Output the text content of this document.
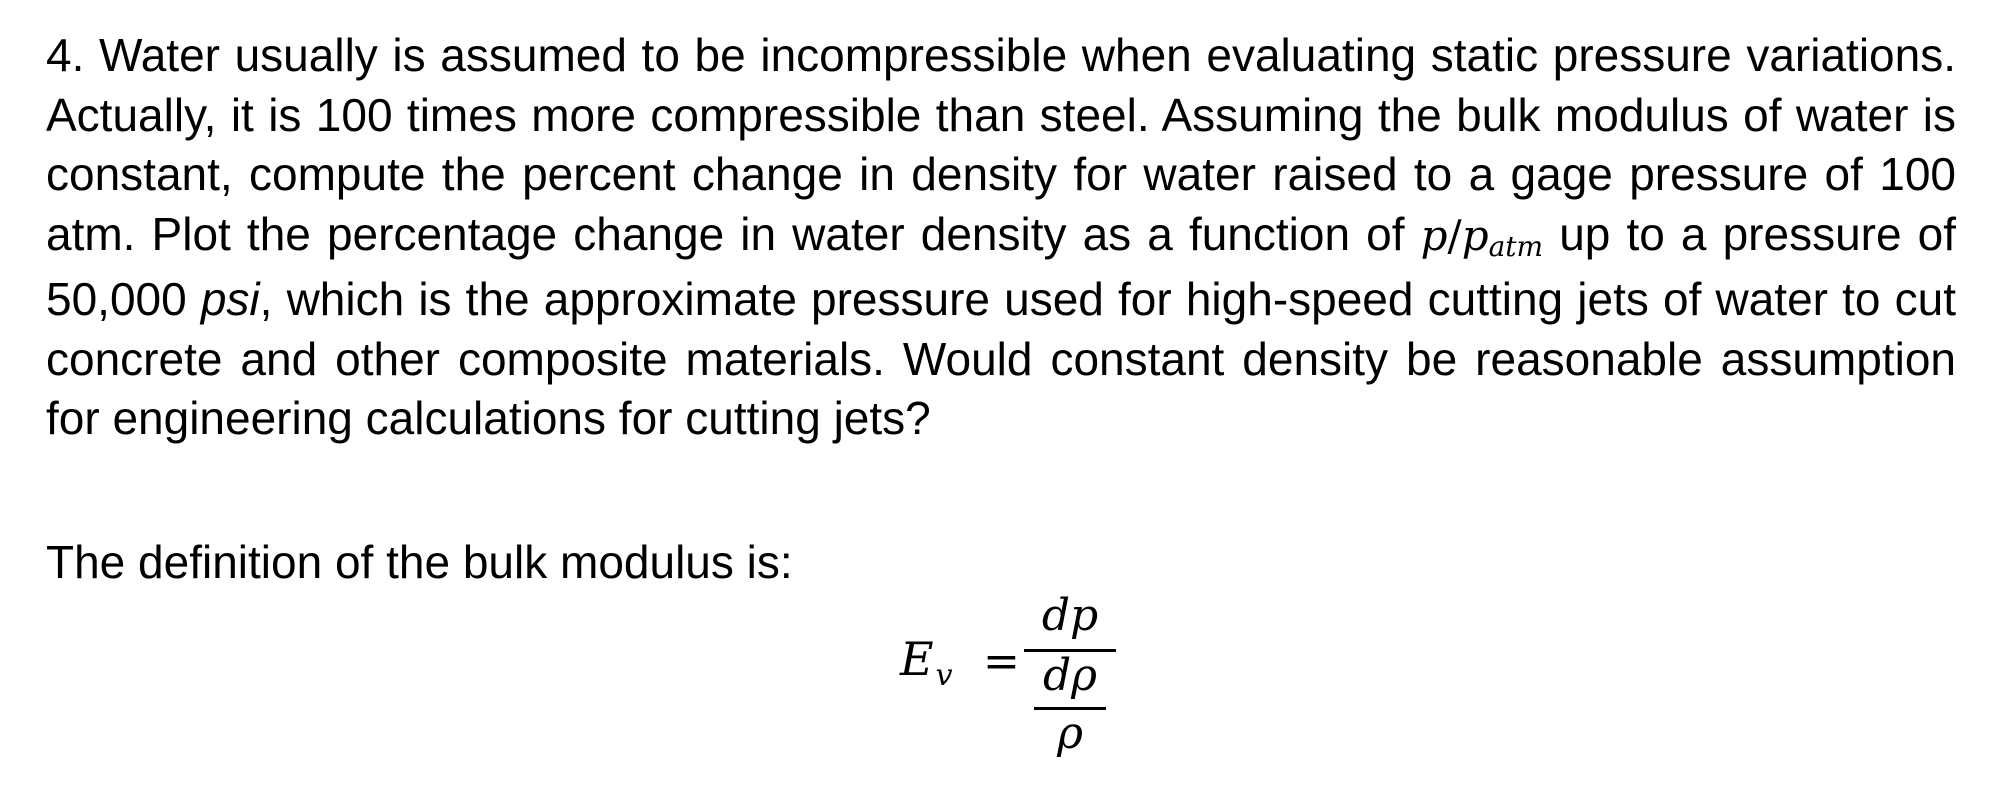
4. Water usually is assumed to be incompressible when evaluating static pressure variations. Actually, it is 100 times more compressible than steel. Assuming the bulk modulus of water is constant, compute the percent change in density for water raised to a gage pressure of 100 atm. Plot the percentage change in water density as a function of p/patm up to a pressure of 50,000 psi, which is the approximate pressure used for high-speed cutting jets of water to cut concrete and other composite materials. Would constant density be reasonable assumption for engineering calculations for cutting jets?

The definition of the bulk modulus is:

$E_v$ =
dp
dρ
ρ
